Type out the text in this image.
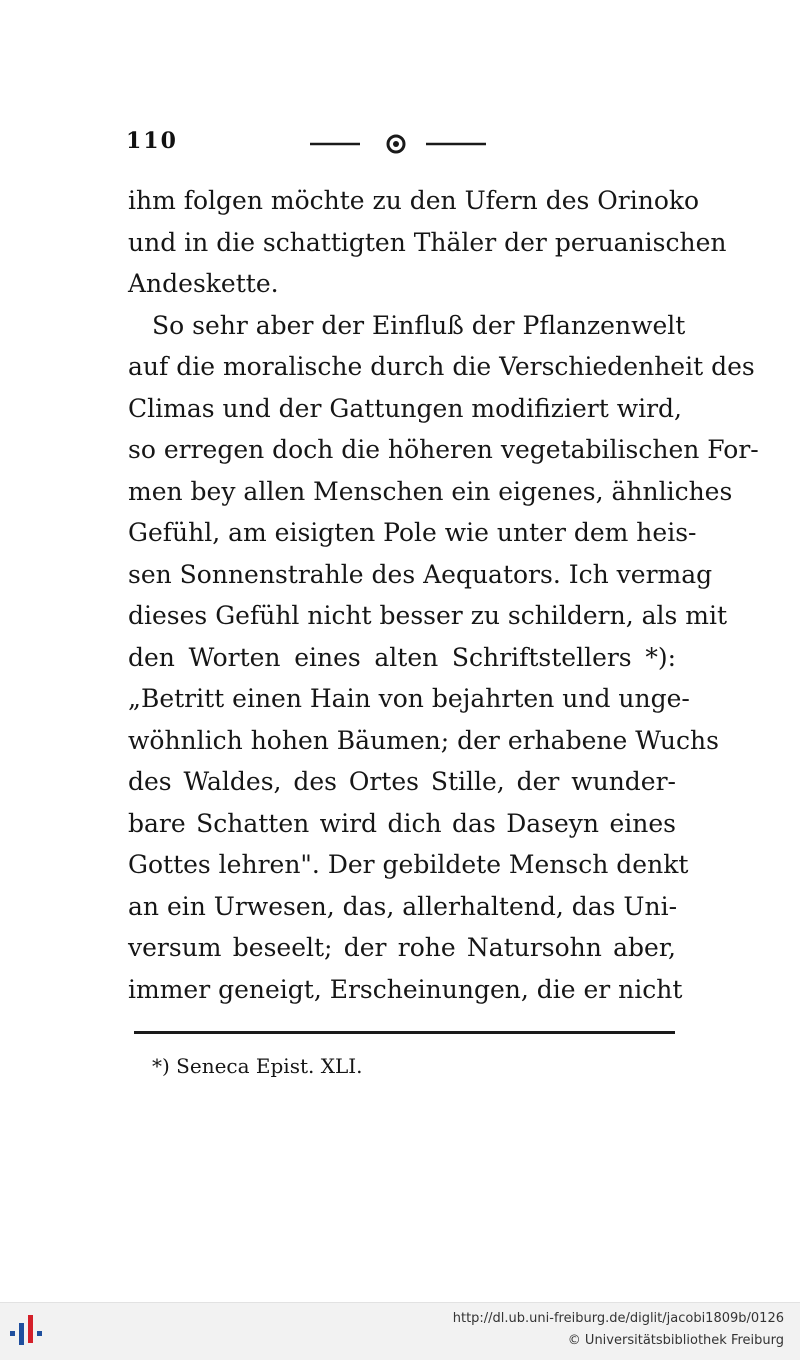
110
ihm folgen möchte zu den Ufern des Orinoko
und in die schattigten Thäler der peruanischen
Andeskette.
So sehr aber der Einfluß der Pflanzenwelt
auf die moralische durch die Verschiedenheit des
Climas und der Gattungen modifiziert wird,
so erregen doch die höheren vegetabilischen For-
men bey allen Menschen ein eigenes, ähnliches
Gefühl, am eisigten Pole wie unter dem heis-
sen Sonnenstrahle des Aequators. Ich vermag
dieses Gefühl nicht besser zu schildern, als mit
den Worten eines alten Schriftstellers *):
„Betritt einen Hain von bejahrten und unge-
wöhnlich hohen Bäumen; der erhabene Wuchs
des Waldes, des Ortes Stille, der wunder-
bare Schatten wird dich das Daseyn eines
Gottes lehren". Der gebildete Mensch denkt
an ein Urwesen, das, allerhaltend, das Uni-
versum beseelt; der rohe Natursohn aber,
immer geneigt, Erscheinungen, die er nicht
*) Seneca Epist. XLI.
http://dl.ub.uni-freiburg.de/diglit/jacobi1809b/0126
© Universitätsbibliothek Freiburg
